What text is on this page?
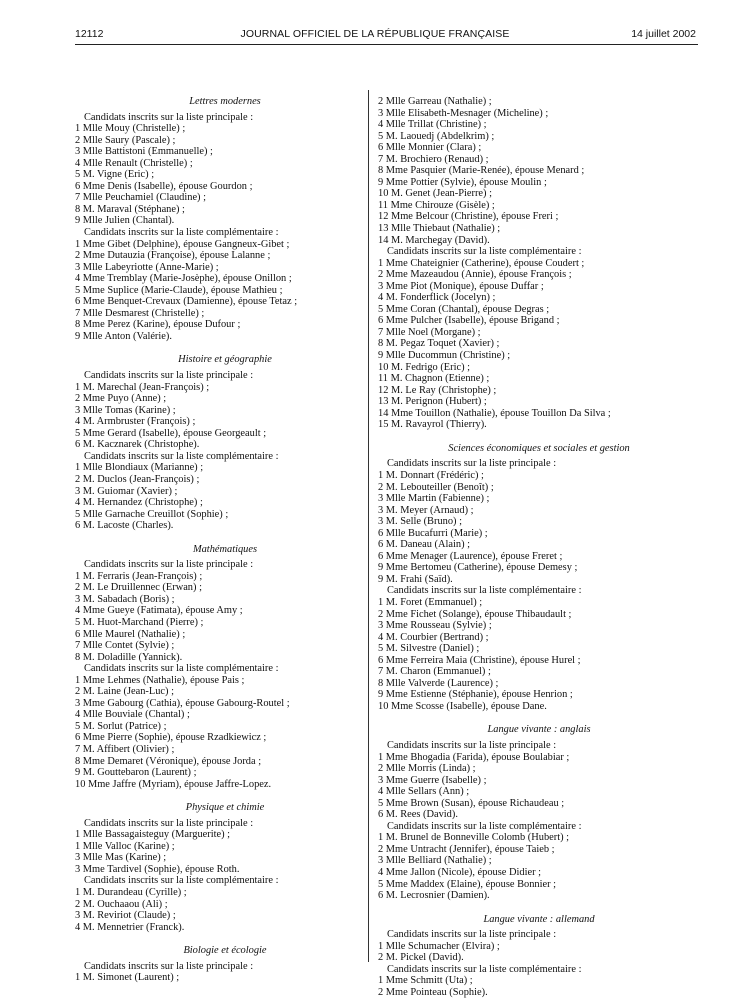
12112	JOURNAL OFFICIEL DE LA RÉPUBLIQUE FRANÇAISE	14 juillet 2002
Lettres modernes
Candidats inscrits sur la liste principale :
1 Mlle Mouy (Christelle) ;
2 Mlle Saury (Pascale) ;
3 Mlle Battistoni (Emmanuelle) ;
4 Mlle Renault (Christelle) ;
5 M. Vigne (Eric) ;
6 Mme Denis (Isabelle), épouse Gourdon ;
7 Mlle Peuchamiel (Claudine) ;
8 M. Maraval (Stéphane) ;
9 Mlle Julien (Chantal).
Candidats inscrits sur la liste complémentaire :
1 Mme Gibet (Delphine), épouse Gangneux-Gibet ;
2 Mme Dutauzia (Françoise), épouse Lalanne ;
3 Mlle Labeyriotte (Anne-Marie) ;
4 Mme Tremblay (Marie-Josèphe), épouse Onillon ;
5 Mme Suplice (Marie-Claude), épouse Mathieu ;
6 Mme Benquet-Crevaux (Damienne), épouse Tetaz ;
7 Mlle Desmarest (Christelle) ;
8 Mme Perez (Karine), épouse Dufour ;
9 Mlle Anton (Valérie).
Histoire et géographie
Candidats inscrits sur la liste principale :
1 M. Marechal (Jean-François) ;
2 Mme Puyo (Anne) ;
3 Mlle Tomas (Karine) ;
4 M. Armbruster (François) ;
5 Mme Gerard (Isabelle), épouse Georgeault ;
6 M. Kacznarek (Christophe).
Candidats inscrits sur la liste complémentaire :
1 Mlle Blondiaux (Marianne) ;
2 M. Duclos (Jean-François) ;
3 M. Guiomar (Xavier) ;
4 M. Hernandez (Christophe) ;
5 Mlle Garnache Creuillot (Sophie) ;
6 M. Lacoste (Charles).
Mathématiques
Candidats inscrits sur la liste principale :
1 M. Ferraris (Jean-François) ;
2 M. Le Druillennec (Erwan) ;
3 M. Sabadach (Boris) ;
4 Mme Gueye (Fatimata), épouse Amy ;
5 M. Huot-Marchand (Pierre) ;
6 Mlle Maurel (Nathalie) ;
7 Mlle Contet (Sylvie) ;
8 M. Doladille (Yannick).
Candidats inscrits sur la liste complémentaire :
1 Mme Lehmes (Nathalie), épouse Pais ;
2 M. Laine (Jean-Luc) ;
3 Mme Gabourg (Cathia), épouse Gabourg-Routel ;
4 Mlle Bouviale (Chantal) ;
5 M. Sorlut (Patrice) ;
6 Mme Pierre (Sophie), épouse Rzadkiewicz ;
7 M. Affibert (Olivier) ;
8 Mme Demaret (Véronique), épouse Jorda ;
9 M. Gouttebaron (Laurent) ;
10 Mme Jaffre (Myriam), épouse Jaffre-Lopez.
Physique et chimie
Candidats inscrits sur la liste principale :
1 Mlle Bassagaisteguy (Marguerite) ;
1 Mlle Valloc (Karine) ;
3 Mlle Mas (Karine) ;
3 Mme Tardivel (Sophie), épouse Roth.
Candidats inscrits sur la liste complémentaire :
1 M. Durandeau (Cyrille) ;
2 M. Ouchaaou (Ali) ;
3 M. Reviriot (Claude) ;
4 M. Mennetrier (Franck).
Biologie et écologie
Candidats inscrits sur la liste principale :
1 M. Simonet (Laurent) ;
2 Mlle Garreau (Nathalie) ;
3 Mlle Elisabeth-Mesnager (Micheline) ;
4 Mlle Trillat (Christine) ;
5 M. Laouedj (Abdelkrim) ;
6 Mlle Monnier (Clara) ;
7 M. Brochiero (Renaud) ;
8 Mme Pasquier (Marie-Renée), épouse Menard ;
9 Mme Pottier (Sylvie), épouse Moulin ;
10 M. Genet (Jean-Pierre) ;
11 Mme Chirouze (Gisèle) ;
12 Mme Belcour (Christine), épouse Freri ;
13 Mlle Thiebaut (Nathalie) ;
14 M. Marchegay (David).
Candidats inscrits sur la liste complémentaire :
1 Mme Chateignier (Catherine), épouse Coudert ;
2 Mme Mazeaudou (Annie), épouse François ;
3 Mme Piot (Monique), épouse Duffar ;
4 M. Fonderflick (Jocelyn) ;
5 Mme Coran (Chantal), épouse Degras ;
6 Mme Pulcher (Isabelle), épouse Brigand ;
7 Mlle Noel (Morgane) ;
8 M. Pegaz Toquet (Xavier) ;
9 Mlle Ducommun (Christine) ;
10 M. Fedrigo (Eric) ;
11 M. Chagnon (Etienne) ;
12 M. Le Ray (Christophe) ;
13 M. Perignon (Hubert) ;
14 Mme Touillon (Nathalie), épouse Touillon Da Silva ;
15 M. Ravayrol (Thierry).
Sciences économiques et sociales et gestion
Candidats inscrits sur la liste principale :
1 M. Donnart (Frédéric) ;
2 M. Lebouteiller (Benoît) ;
3 Mlle Martin (Fabienne) ;
3 M. Meyer (Arnaud) ;
3 M. Selle (Bruno) ;
6 Mlle Bucafurri (Marie) ;
6 M. Daneau (Alain) ;
6 Mme Menager (Laurence), épouse Freret ;
9 Mme Bertomeu (Catherine), épouse Demesy ;
9 M. Frahi (Saïd).
Candidats inscrits sur la liste complémentaire :
1 M. Foret (Emmanuel) ;
2 Mme Fichet (Solange), épouse Thibaudault ;
3 Mme Rousseau (Sylvie) ;
4 M. Courbier (Bertrand) ;
5 M. Silvestre (Daniel) ;
6 Mme Ferreira Maia (Christine), épouse Hurel ;
7 M. Charon (Emmanuel) ;
8 Mlle Valverde (Laurence) ;
9 Mme Estienne (Stéphanie), épouse Henrion ;
10 Mme Scosse (Isabelle), épouse Dane.
Langue vivante : anglais
Candidats inscrits sur la liste principale :
1 Mme Bhogadia (Farida), épouse Boulabiar ;
2 Mlle Morris (Linda) ;
3 Mme Guerre (Isabelle) ;
4 Mlle Sellars (Ann) ;
5 Mme Brown (Susan), épouse Richaudeau ;
6 M. Rees (David).
Candidats inscrits sur la liste complémentaire :
1 M. Brunel de Bonneville Colomb (Hubert) ;
2 Mme Untracht (Jennifer), épouse Taieb ;
3 Mlle Belliard (Nathalie) ;
4 Mme Jallon (Nicole), épouse Didier ;
5 Mme Maddex (Elaine), épouse Bonnier ;
6 M. Lecrosnier (Damien).
Langue vivante : allemand
Candidats inscrits sur la liste principale :
1 Mlle Schumacher (Elvira) ;
2 M. Pickel (David).
Candidats inscrits sur la liste complémentaire :
1 Mme Schmitt (Uta) ;
2 Mme Pointeau (Sophie).
